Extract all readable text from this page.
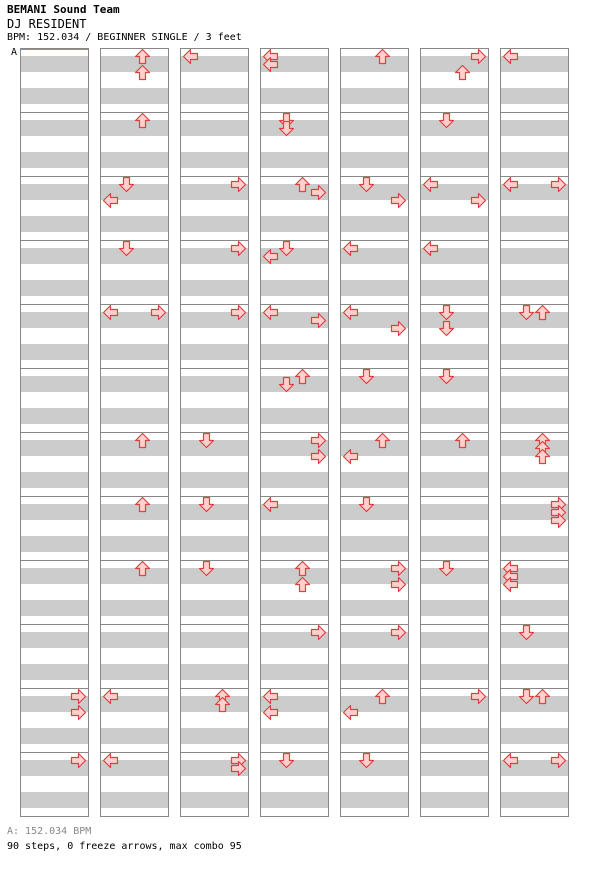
BEMANI Sound Team
DJ RESIDENT
BPM: 152.034 / BEGINNER SINGLE / 3 feet
A
A: 152.034 BPM
90 steps, 0 freeze arrows, max combo 95
